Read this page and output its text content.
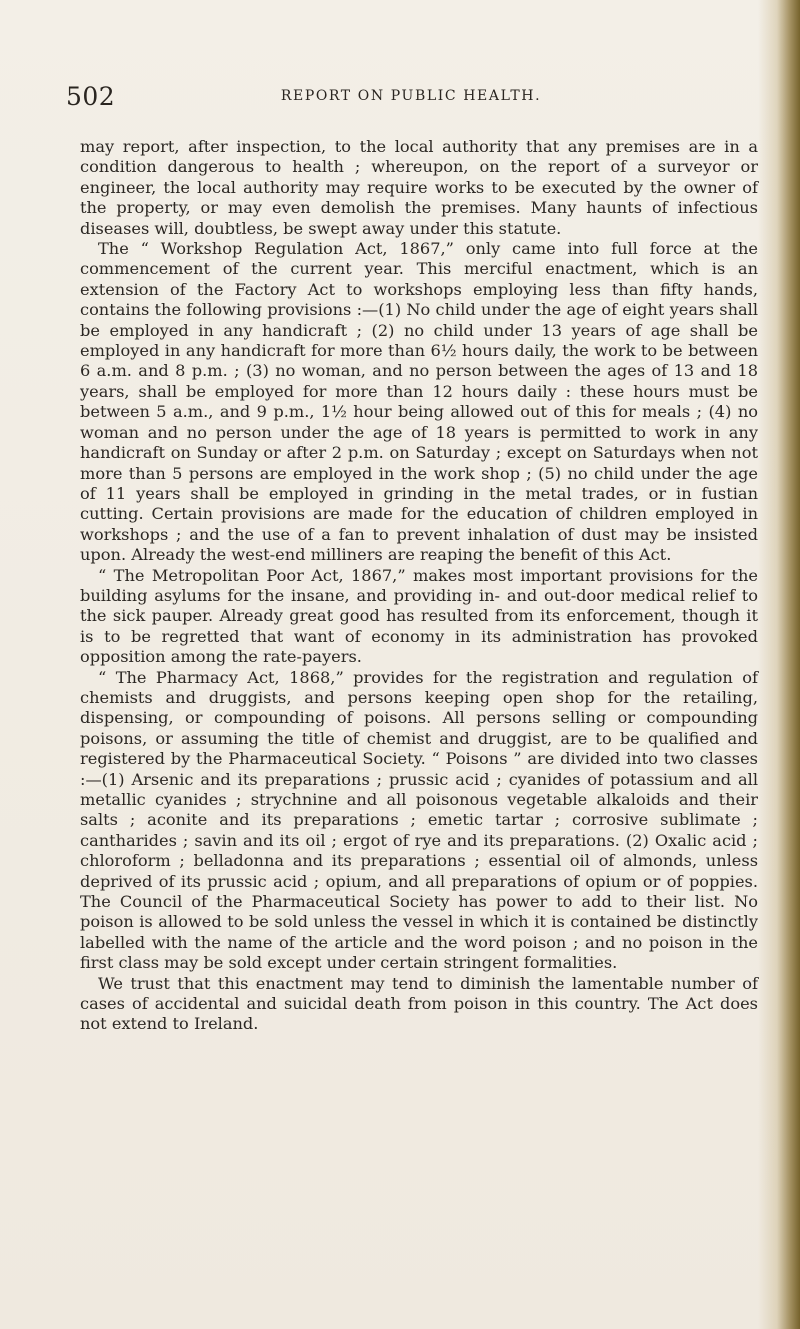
502	REPORT ON PUBLIC HEALTH.

may report, after inspection, to the local authority that any premises are in a condition dangerous to health ; whereupon, on the report of a surveyor or engineer, the local authority may require works to be executed by the owner of the property, or may even demolish the premises. Many haunts of infectious diseases will, doubtless, be swept away under this statute.

The “ Workshop Regulation Act, 1867,” only came into full force at the commencement of the current year. This merciful enactment, which is an extension of the Factory Act to workshops employing less than fifty hands, contains the following provisions :—(1) No child under the age of eight years shall be employed in any handicraft ; (2) no child under 13 years of age shall be employed in any handicraft for more than 6½ hours daily, the work to be between 6 a.m. and 8 p.m. ; (3) no woman, and no person between the ages of 13 and 18 years, shall be employed for more than 12 hours daily : these hours must be between 5 a.m., and 9 p.m., 1½ hour being allowed out of this for meals ; (4) no woman and no person under the age of 18 years is permitted to work in any handicraft on Sunday or after 2 p.m. on Saturday ; except on Saturdays when not more than 5 persons are employed in the work shop ; (5) no child under the age of 11 years shall be employed in grinding in the metal trades, or in fustian cutting. Certain provisions are made for the education of children employed in workshops ; and the use of a fan to prevent inhalation of dust may be insisted upon. Already the west-end milliners are reaping the benefit of this Act.

“ The Metropolitan Poor Act, 1867,” makes most important provisions for the building asylums for the insane, and providing in- and out-door medical relief to the sick pauper. Already great good has resulted from its enforcement, though it is to be regretted that want of economy in its administration has provoked opposition among the rate-payers.

“ The Pharmacy Act, 1868,” provides for the registration and regulation of chemists and druggists, and persons keeping open shop for the retailing, dispensing, or compounding of poisons. All persons selling or compounding poisons, or assuming the title of chemist and druggist, are to be qualified and registered by the Pharmaceutical Society. “ Poisons ” are divided into two classes :—(1) Arsenic and its preparations ; prussic acid ; cyanides of potassium and all metallic cyanides ; strychnine and all poisonous vegetable alkaloids and their salts ; aconite and its preparations ; emetic tartar ; corrosive sublimate ; cantharides ; savin and its oil ; ergot of rye and its preparations. (2) Oxalic acid ; chloroform ; belladonna and its preparations ; essential oil of almonds, unless deprived of its prussic acid ; opium, and all preparations of opium or of poppies. The Council of the Pharmaceutical Society has power to add to their list. No poison is allowed to be sold unless the vessel in which it is contained be distinctly labelled with the name of the article and the word poison ; and no poison in the first class may be sold except under certain stringent formalities.

We trust that this enactment may tend to diminish the lamentable number of cases of accidental and suicidal death from poison in this country. The Act does not extend to Ireland.
